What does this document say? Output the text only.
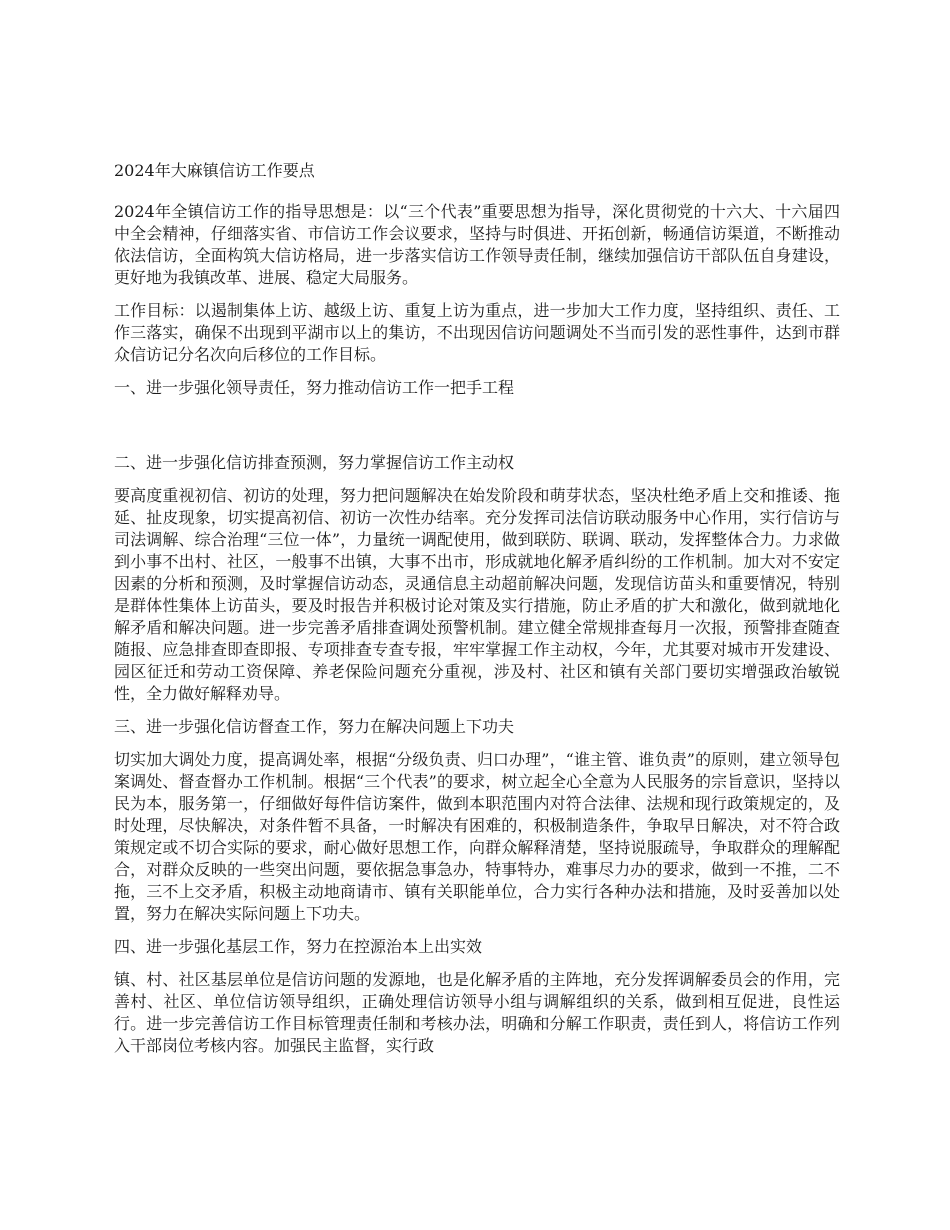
2024年大麻镇信访工作要点
2024年全镇信访工作的指导思想是：以“三个代表”重要思想为指导，深化贯彻党的十六大、十六届四中全会精神，仔细落实省、市信访工作会议要求，坚持与时俱进、开拓创新，畅通信访渠道，不断推动依法信访，全面构筑大信访格局，进一步落实信访工作领导责任制，继续加强信访干部队伍自身建设，更好地为我镇改革、进展、稳定大局服务。
工作目标：以遏制集体上访、越级上访、重复上访为重点，进一步加大工作力度，坚持组织、责任、工作三落实，确保不出现到平湖市以上的集访，不出现因信访问题调处不当而引发的恶性事件，达到市群众信访记分名次向后移位的工作目标。
一、进一步强化领导责任，努力推动信访工作一把手工程
二、进一步强化信访排查预测，努力掌握信访工作主动权
要高度重视初信、初访的处理，努力把问题解决在始发阶段和萌芽状态，坚决杜绝矛盾上交和推诿、拖延、扯皮现象，切实提高初信、初访一次性办结率。充分发挥司法信访联动服务中心作用，实行信访与司法调解、综合治理“三位一体”，力量统一调配使用，做到联防、联调、联动，发挥整体合力。力求做到小事不出村、社区，一般事不出镇，大事不出市，形成就地化解矛盾纠纷的工作机制。加大对不安定因素的分析和预测，及时掌握信访动态，灵通信息主动超前解决问题，发现信访苗头和重要情况，特别是群体性集体上访苗头，要及时报告并积极讨论对策及实行措施，防止矛盾的扩大和激化，做到就地化解矛盾和解决问题。进一步完善矛盾排查调处预警机制。建立健全常规排查每月一次报，预警排查随查随报、应急排查即查即报、专项排查专查专报，牢牢掌握工作主动权，今年，尤其要对城市开发建设、园区征迁和劳动工资保障、养老保险问题充分重视，涉及村、社区和镇有关部门要切实增强政治敏锐性，全力做好解释劝导。
三、进一步强化信访督查工作，努力在解决问题上下功夫
切实加大调处力度，提高调处率，根据“分级负责、归口办理”，“谁主管、谁负责”的原则，建立领导包案调处、督查督办工作机制。根据“三个代表”的要求，树立起全心全意为人民服务的宗旨意识，坚持以民为本，服务第一，仔细做好每件信访案件，做到本职范围内对符合法律、法规和现行政策规定的，及时处理，尽快解决，对条件暂不具备，一时解决有困难的，积极制造条件，争取早日解决，对不符合政策规定或不切合实际的要求，耐心做好思想工作，向群众解释清楚，坚持说服疏导，争取群众的理解配合，对群众反映的一些突出问题，要依据急事急办，特事特办，难事尽力办的要求，做到一不推，二不拖，三不上交矛盾，积极主动地商请市、镇有关职能单位，合力实行各种办法和措施，及时妥善加以处置，努力在解决实际问题上下功夫。
四、进一步强化基层工作，努力在控源治本上出实效
镇、村、社区基层单位是信访问题的发源地，也是化解矛盾的主阵地，充分发挥调解委员会的作用，完善村、社区、单位信访领导组织，正确处理信访领导小组与调解组织的关系，做到相互促进，良性运行。进一步完善信访工作目标管理责任制和考核办法，明确和分解工作职责，责任到人，将信访工作列入干部岗位考核内容。加强民主监督，实行政
